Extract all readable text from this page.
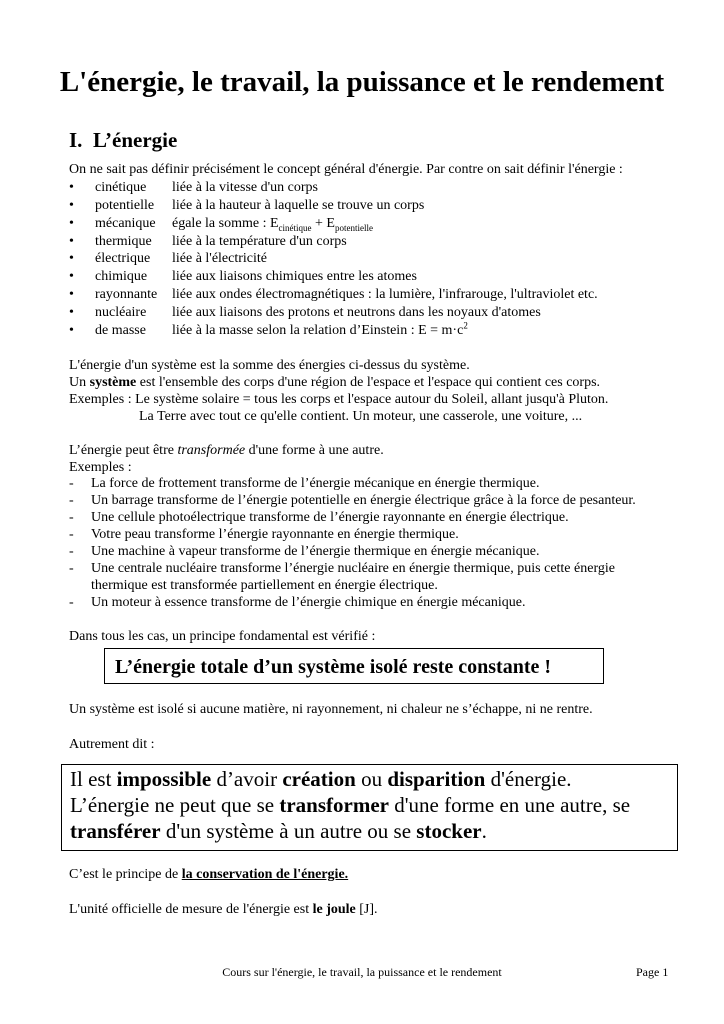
L'énergie, le travail, la puissance et le rendement
I. L’énergie
On ne sait pas définir précisément le concept général d'énergie. Par contre on sait définir l'énergie :
• cinétique liée à la vitesse d'un corps
• potentielle liée à la hauteur à laquelle se trouve un corps
• mécanique égale la somme : $E_{cinétique} + E_{potentielle}$
• thermique liée à la température d'un corps
• électrique liée à l'électricité
• chimique liée aux liaisons chimiques entre les atomes
• rayonnante liée aux ondes électromagnétiques : la lumière, l'infrarouge, l'ultraviolet etc.
• nucléaire liée aux liaisons des protons et neutrons dans les noyaux d'atomes
• de masse liée à la masse selon la relation d’Einstein : $E = m\cdot c^2$
L'énergie d'un système est la somme des énergies ci-dessus du système.
Un système est l'ensemble des corps d'une région de l'espace et l'espace qui contient ces corps.
Exemples : Le système solaire = tous les corps et l'espace autour du Soleil, allant jusqu'à Pluton.
La Terre avec tout ce qu'elle contient. Un moteur, une casserole, une voiture, ...
L’énergie peut être transformée d'une forme à une autre.
Exemples :
- La force de frottement transforme de l’énergie mécanique en énergie thermique.
- Un barrage transforme de l’énergie potentielle en énergie électrique grâce à la force de pesanteur.
- Une cellule photoélectrique transforme de l’énergie rayonnante en énergie électrique.
- Votre peau transforme l’énergie rayonnante en énergie thermique.
- Une machine à vapeur transforme de l’énergie thermique en énergie mécanique.
- Une centrale nucléaire transforme l’énergie nucléaire en énergie thermique, puis cette énergie
thermique est transformée partiellement en énergie électrique.
- Un moteur à essence transforme de l’énergie chimique en énergie mécanique.
Dans tous les cas, un principe fondamental est vérifié :
L’énergie totale d’un système isolé reste constante !
Un système est isolé si aucune matière, ni rayonnement, ni chaleur ne s’échappe, ni ne rentre.
Autrement dit :
Il est impossible d’avoir création ou disparition d'énergie.
L’énergie ne peut que se transformer d'une forme en une autre, se
transférer d'un système à un autre ou se stocker.
C’est le principe de la conservation de l'énergie.
L'unité officielle de mesure de l'énergie est le joule [J].
Cours sur l'énergie, le travail, la puissance et le rendement	Page 1
